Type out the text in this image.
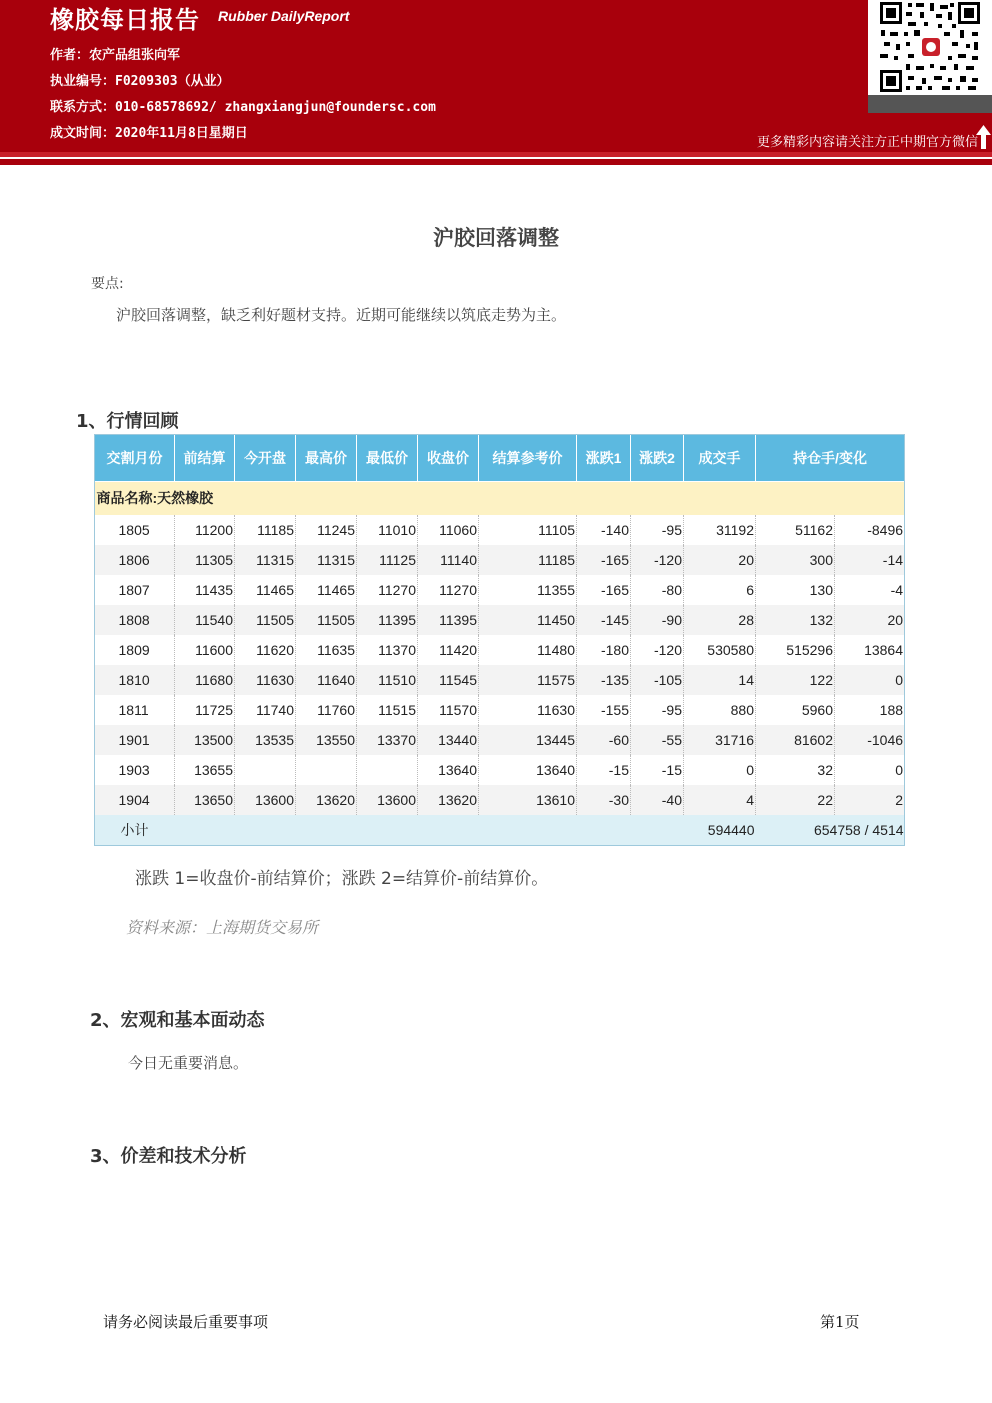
橡胶每日报告 Rubber DailyReport
作者：农产品组张向军
执业编号：F0209303（从业）
联系方式：010-68578692/ zhangxiangjun@foundersc.com
成文时间：2020年11月8日星期日
更多精彩内容请关注方正中期官方微信
沪胶回落调整
要点:
沪胶回落调整，缺乏利好题材支持。近期可能继续以筑底走势为主。
1、行情回顾
交割月份	前结算	今开盘	最高价	最低价	收盘价	结算参考价	涨跌1	涨跌2	成交手	持仓手/变化	
商品名称:天然橡胶											
1805	11200	11185	11245	11010	11060	11105	-140	-95	31192	51162	-8496
1806	11305	11315	11315	11125	11140	11185	-165	-120	20	300	-14
1807	11435	11465	11465	11270	11270	11355	-165	-80	6	130	-4
1808	11540	11505	11505	11395	11395	11450	-145	-90	28	132	20
1809	11600	11620	11635	11370	11420	11480	-180	-120	530580	515296	13864
1810	11680	11630	11640	11510	11545	11575	-135	-105	14	122	0
1811	11725	11740	11760	11515	11570	11630	-155	-95	880	5960	188
1901	13500	13535	13550	13370	13440	13445	-60	-55	31716	81602	-1046
1903	13655				13640	13640	-15	-15	0	32	0
1904	13650	13600	13620	13600	13620	13610	-30	-40	4	22	2
小计									594440	654758 / 4514	
涨跌 1=收盘价-前结算价；涨跌 2=结算价-前结算价。
资料来源：上海期货交易所
2、宏观和基本面动态
今日无重要消息。
3、价差和技术分析
请务必阅读最后重要事项	第1页
